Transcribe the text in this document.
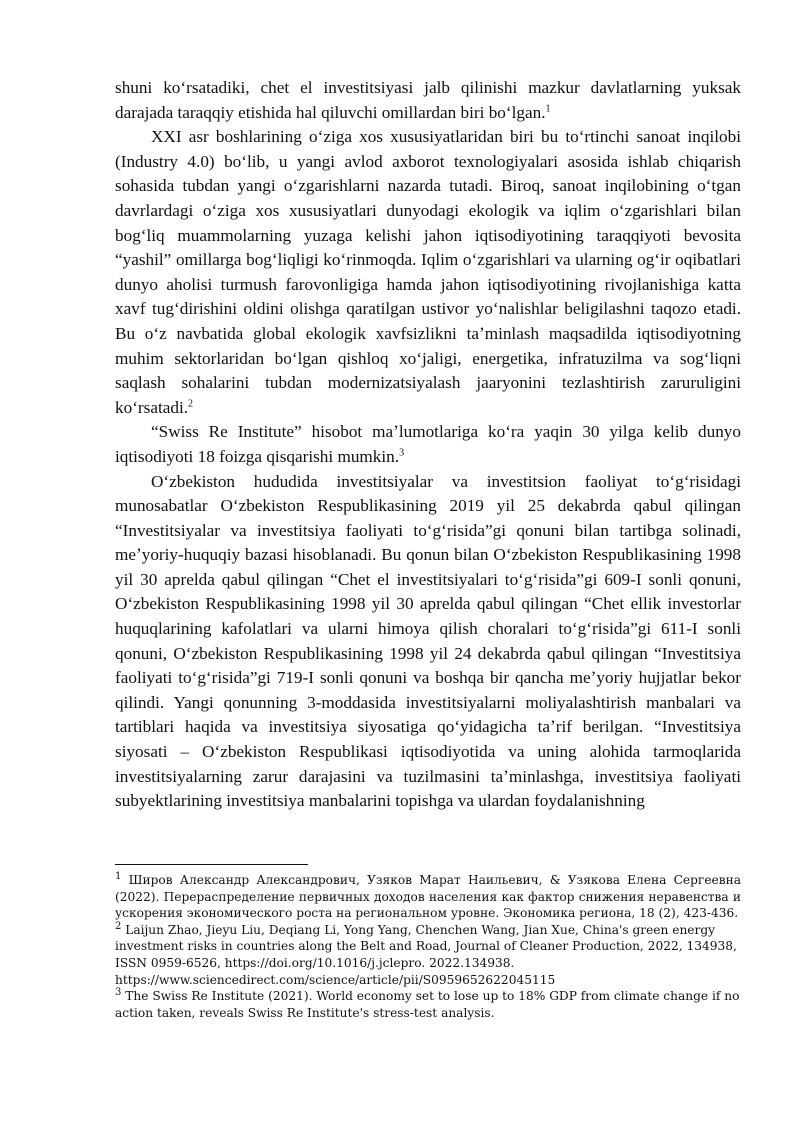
shuni koʻrsatadiki, chet el investitsiyasi jalb qilinishi mazkur davlatlarning yuksak darajada taraqqiy etishida hal qiluvchi omillardan biri boʻlgan.$^1$

XXI asr boshlarining oʻziga xos xususiyatlaridan biri bu toʻrtinchi sanoat inqilobi (Industry 4.0) boʻlib, u yangi avlod axborot texnologiyalari asosida ishlab chiqarish sohasida tubdan yangi oʻzgarishlarni nazarda tutadi. Biroq, sanoat inqilobining oʻtgan davrlardagi oʻziga xos xususiyatlari dunyodagi ekologik va iqlim oʻzgarishlari bilan bogʻliq muammolarning yuzaga kelishi jahon iqtisodiyotining taraqqiyoti bevosita “yashil” omillarga bogʻliqligi koʻrinmoqda. Iqlim oʻzgarishlari va ularning ogʻir oqibatlari dunyo aholisi turmush farovonligiga hamda jahon iqtisodiyotining rivojlanishiga katta xavf tugʻdirishini oldini olishga qaratilgan ustivor yoʻnalishlar beligilashni taqozo etadi. Bu oʻz navbatida global ekologik xavfsizlikni taʼminlash maqsadilda iqtisodiyotning muhim sektorlaridan boʻlgan qishloq xoʻjaligi, energetika, infratuzilma va sogʻliqni saqlash sohalarini tubdan modernizatsiyalash jaaryonini tezlashtirish zaruruligini koʻrsatadi.$^2$

“Swiss Re Institute” hisobot maʼlumotlariga koʻra yaqin 30 yilga kelib dunyo iqtisodiyoti 18 foizga qisqarishi mumkin.$^3$

Oʻzbekiston hududida investitsiyalar va investitsion faoliyat toʻgʻrisidagi munosabatlar Oʻzbekiston Respublikasining 2019 yil 25 dekabrda qabul qilingan “Investitsiyalar va investitsiya faoliyati toʻgʻrisida”gi qonuni bilan tartibga solinadi, meʼyoriy-huquqiy bazasi hisoblanadi. Bu qonun bilan Oʻzbekiston Respublikasining 1998 yil 30 aprelda qabul qilingan “Chet el investitsiyalari toʻgʻrisida”gi 609-I sonli qonuni, Oʻzbekiston Respublikasining 1998 yil 30 aprelda qabul qilingan “Chet ellik investorlar huquqlarining kafolatlari va ularni himoya qilish choralari toʻgʻrisida”gi 611-I sonli qonuni, Oʻzbekiston Respublikasining 1998 yil 24 dekabrda qabul qilingan “Investitsiya faoliyati toʻgʻrisida”gi 719-I sonli qonuni va boshqa bir qancha meʼyoriy hujjatlar bekor qilindi. Yangi qonunning 3-moddasida investitsiyalarni moliyalashtirish manbalari va tartiblari haqida va investitsiya siyosatiga qoʻyidagicha taʼrif berilgan. “Investitsiya siyosati – Oʻzbekiston Respublikasi iqtisodiyotida va uning alohida tarmoqlarida investitsiyalarning zarur darajasini va tuzilmasini taʼminlashga, investitsiya faoliyati subyektlarining investitsiya manbalarini topishga va ulardan foydalanishning

$^1$ Широв Александр Александрович, Узяков Марат Наильевич, & Узякова Елена Сергеевна (2022). Перераспределение первичных доходов населения как фактор снижения неравенства и ускорения экономического роста на региональном уровне. Экономика региона, 18 (2), 423-436.

$^2$ Laijun Zhao, Jieyu Liu, Deqiang Li, Yong Yang, Chenchen Wang, Jian Xue, China's green energy investment risks in countries along the Belt and Road, Journal of Cleaner Production, 2022, 134938, ISSN 0959-6526, https://doi.org/10.1016/j.jclepro. 2022.134938.

https://www.sciencedirect.com/science/article/pii/S0959652622045115

$^3$ The Swiss Re Institute (2021). World economy set to lose up to 18% GDP from climate change if no action taken, reveals Swiss Re Institute's stress-test analysis.
